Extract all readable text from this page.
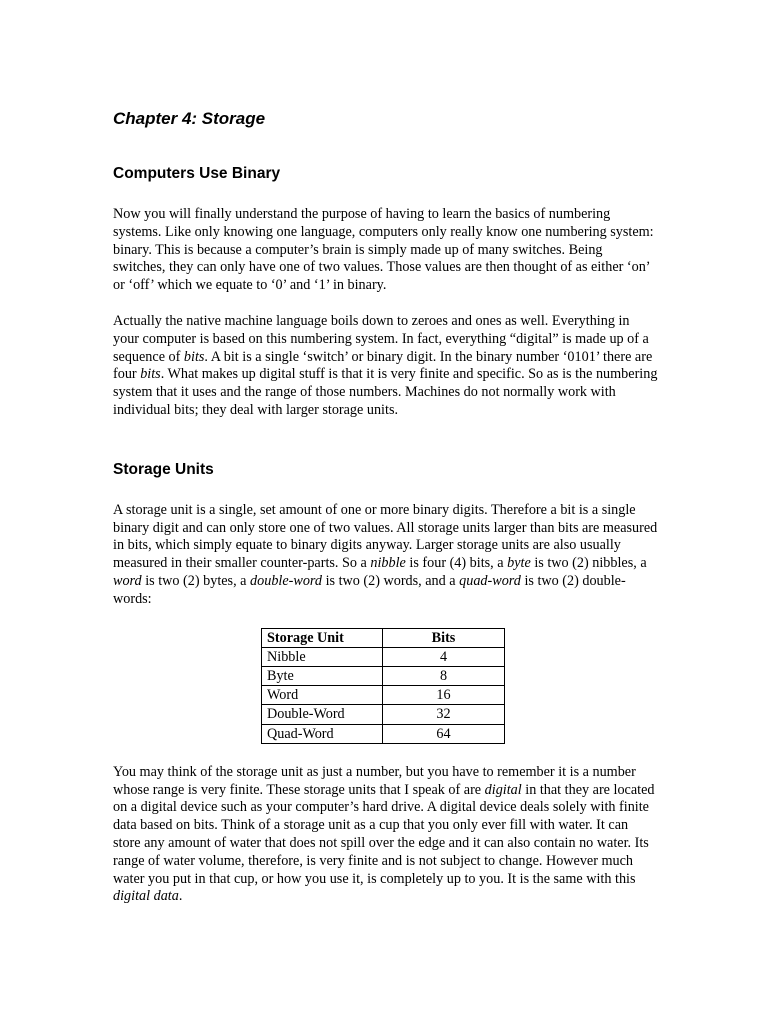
Chapter 4: Storage
Computers Use Binary

Now you will finally understand the purpose of having to learn the basics of numbering systems. Like only knowing one language, computers only really know one numbering system: binary. This is because a computer’s brain is simply made up of many switches. Being switches, they can only have one of two values. Those values are then thought of as either ‘on’ or ‘off’ which we equate to ‘0’ and ‘1’ in binary.

Actually the native machine language boils down to zeroes and ones as well. Everything in your computer is based on this numbering system. In fact, everything “digital” is made up of a sequence of bits. A bit is a single ‘switch’ or binary digit. In the binary number ‘0101’ there are four bits. What makes up digital stuff is that it is very finite and specific. So as is the numbering system that it uses and the range of those numbers. Machines do not normally work with individual bits; they deal with larger storage units.

Storage Units

A storage unit is a single, set amount of one or more binary digits. Therefore a bit is a single binary digit and can only store one of two values. All storage units larger than bits are measured in bits, which simply equate to binary digits anyway. Larger storage units are also usually measured in their smaller counter-parts. So a nibble is four (4) bits, a byte is two (2) nibbles, a word is two (2) bytes, a double-word is two (2) words, and a quad-word is two (2) double-words:

Storage Unit	Bits
Nibble	4
Byte	8
Word	16
Double-Word	32
Quad-Word	64

You may think of the storage unit as just a number, but you have to remember it is a number whose range is very finite. These storage units that I speak of are digital in that they are located on a digital device such as your computer’s hard drive. A digital device deals solely with finite data based on bits. Think of a storage unit as a cup that you only ever fill with water. It can store any amount of water that does not spill over the edge and it can also contain no water. Its range of water volume, therefore, is very finite and is not subject to change. However much water you put in that cup, or how you use it, is completely up to you. It is the same with this digital data.
